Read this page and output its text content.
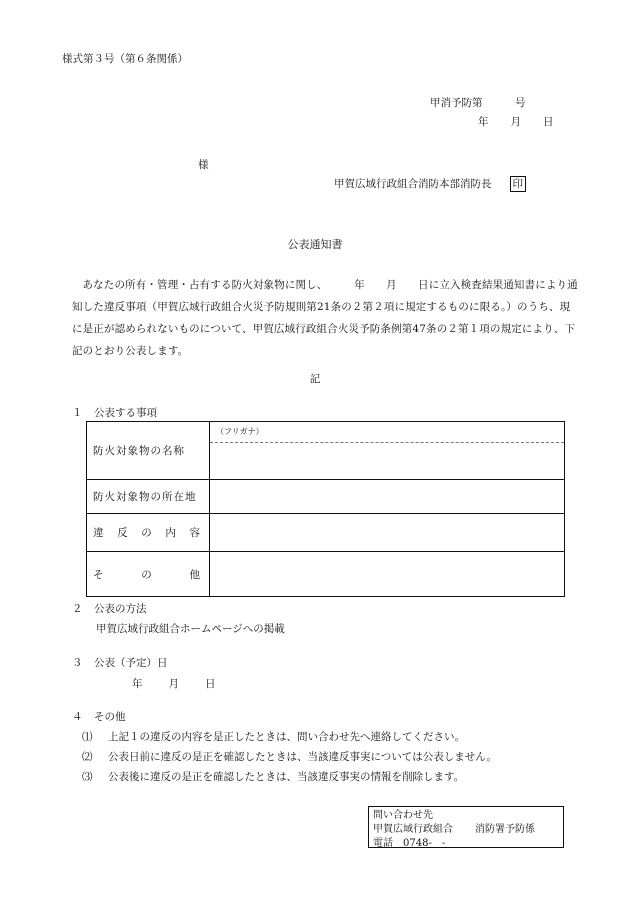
様式第３号（第６条関係）
甲消予防第	号
年 月 日
様
甲賀広域行政組合消防本部消防長 印
公表通知書
あなたの所有・管理・占有する防火対象物に関し、　　　年　　月　　日に立入検査結果通知書により通知した違反事項（甲賀広域行政組合火災予防規則第21条の２第２項に規定するものに限る。）のうち、現に是正が認められないものについて、甲賀広域行政組合火災予防条例第47条の２第１項の規定により、下記のとおり公表します。
記
１ 公表する事項
防火対象物の名称	（フリガナ）

防火対象物の所在地	

違 反 の 内 容	

そ の 他	

２ 公表の方法
甲賀広域行政組合ホームページへの掲載
３ 公表（予定）日
年 月 日
４ その他
⑴ 上記１の違反の内容を是正したときは、問い合わせ先へ連絡してください。
⑵ 公表日前に違反の是正を確認したときは、当該違反事実については公表しません。
⑶ 公表後に違反の是正を確認したときは、当該違反事実の情報を削除します。
問い合わせ先
甲賀広域行政組合 消防署予防係
電話　0748-　-
